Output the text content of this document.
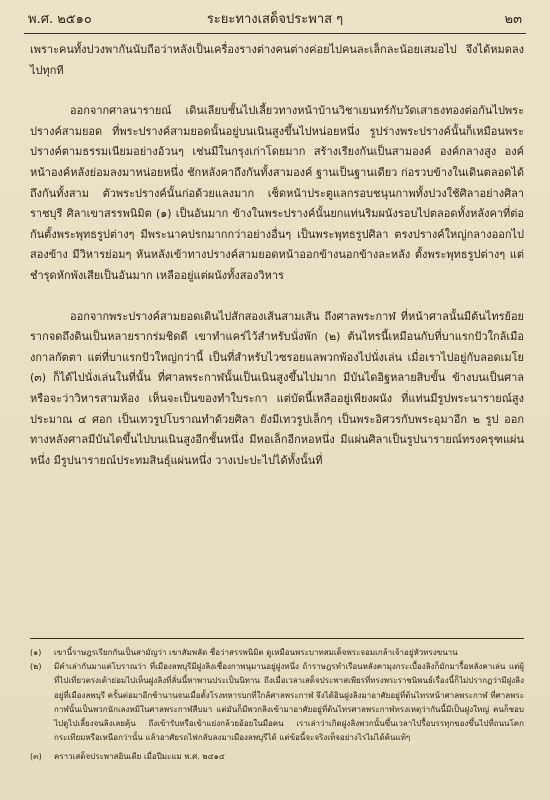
พ.ศ. ๒๕๑๐	ระยะทางเสด็จประพาส ๆ	๒๓

เพราะคนทั้งปวงพากันนับถือว่าหลังเป็นเครื่องรางต่างคนต่างค่อยไปคนละเล็กละน้อยเสมอไป จึงได้หมดลงไปทุกที

ออกจากศาลนารายณ์ เดินเลียบชั้นไปเลี้ยวทางหน้าบ้านวิชาเยนทร์กับวัดเสาธงทองต่อกันไปพระปรางค์สามยอด ที่พระปรางค์สามยอดนั้นอยู่บนเนินสูงขึ้นไปหน่อยหนึ่ง รูปร่างพระปรางค์นั้นก็เหมือนพระปรางค์ตามธรรมเนียมอย่างอ้วนๆ เช่นมีในกรุงเก่าโดยมาก สร้างเรียงกันเป็นสามองค์ องค์กลางสูง องค์หน้าองค์หลังย่อมลงมาหน่อยหนึ่ง ชักหลังคาถึงกันทั้งสามองค์ ฐานเป็นฐานเดียว ก่อรวบข้างในเดินตลอดได้ถึงกันทั้งสาม ตัวพระปรางค์นั้นก่อด้วยแลงมาก เช็ดหน้าประตูแลกรอบชนุนกาพทั้งปวงใช้ศิลาอย่างศิลาราชบุรี ศิลาเขาสรรพนิมิต (๑) เป็นอันมาก ข้างในพระปรางค์นั้นยกแท่นริมผนังรอบไปตลอดทั้งหลังคาที่ต่อกันตั้งพระพุทธรูปต่างๆ มีพระนาคปรกมากกว่าอย่างอื่นๆ เป็นพระพุทธรูปศิลา ตรงปรางค์ใหญ่กลางออกไปสองข้าง มีวิหารย่อมๆ หันหลังเข้าทางปรางค์สามยอดหน้าออกข้างนอกข้างละหลัง ตั้งพระพุทธรูปต่างๆ แต่ชำรุดหักพังเสียเป็นอันมาก เหลืออยู่แต่ผนังทั้งสองวิหาร

ออกจากพระปรางค์สามยอดเดินไปสักสองเส้นสามเส้น ถึงศาลพระกาฬ ที่หน้าศาลนั้นมีต้นไทรย้อยรากจดถึงดินเป็นหลายรากร่มชิดดี เขาทำแคร่ไว้สำหรับนั่งพัก (๒) ต้นไทรนี้เหมือนกับที่บาแรกปัวใกล้เมืองกาลกัตตา แต่ที่บาแรกปัวใหญ่กว่านี้ เป็นที่สำหรับไวซรอยแลพวกพ้องไปนั่งเล่น เมื่อเราไปอยู่กับลอดเมโย (๓) ก็ได้ไปนั่งเล่นในที่นั้น ที่ศาลพระกาฬนั้นเป็นเนินสูงขึ้นไปมาก มีบันไดอิฐหลายสิบขั้น ข้างบนเป็นศาลหรือจะว่าวิหารสามห้อง เห็นจะเป็นของทำใบระกา แต่บัดนี้เหลืออยู่เพียงผนัง ที่แท่นมีรูปพระนารายณ์สูงประมาณ ๔ ศอก เป็นเทวรูปโบราณทำด้วยศิลา ยังมีเทวรูปเล็กๆ เป็นพระอิศวรกับพระอุมาอีก ๒ รูป ออกทางหลังศาลมีบันไดขึ้นไปบนเนินสูงอีกชั้นหนึ่ง มีหอเล็กอีกหอหนึ่ง มีแผ่นศิลาเป็นรูปนารายณ์ทรงครุฑแผ่นหนึ่ง มีรูปนารายณ์ประทมสินธุ์แผ่นหนึ่ง วางเปะปะไปได้ทั้งนั้นที่

(๑)	เขานี้ราษฎรเรียกกันเป็นสามัญว่า เขาสัมพลัด ชื่อว่าสรรพนิมิต ดูเหมือนพระบาทสมเด็จพระจอมเกล้าเจ้าอยู่หัวทรงขนาน
(๒)	มีคำเล่ากันมาแต่โบราณว่า ที่เมืองลพบุรีมีฝูงลิงเชื่องกาพนุมานอยู่ฝูงหนึ่ง ถ้าราษฎรทำเรือนหลังคามุงกระเบื้องลิงก็มักมารื้อหลังคาเล่น แต่ผู้ที่ไปเที่ยวตรงเต้าย่อมไปเห็นฝูงลิงที่ลั่นนี้หาพานประเป็นนิทาน ถึงเมื่อเวลาเสด็จประพาสเพียรที่ทรงพระราชนิพนธ์เรื่องนี้ก็ไม่ปรากฏว่ามีฝูงลิงอยู่ที่เมืองลพบุรี ครั้นต่อมาอีกช้านานจนเมื่อตั้งโรงทหารบกที่ใกล้ศาลพระกาฬ จึงได้อินฝูงลิงมาอาศัยอยู่ที่ต้นไทรหน้าศาลพระกาฬ ที่ศาลพระกาฬนั้นเป็นพวกนักเลงหมีในศาลพระกาฬสืบมา แต่มันก็มีพวกลิงเข้ามาอาศัยอยู่ที่ต้นไทรศาลพระกาฬทรงเหตุว่ากันนี้มีเป็นฝูงใหญ่ คนก็ชอบไปดูไปเลี้ยงจนลิงเลยคุ้น ถึงเข้ารับหรือเข้าแย่งกล้วยอ้อยในมือคน เราเล่าว่าเกิดฝูงลิงพวกนั้นขึ้นเวลาไปรื้อบรรทุกของขึ้นไปที่ถนนโคกกระเทียมหรือเหนือกว่านั้น แล้วอาศัยรถไฟกลับลงมาเมืองลพบุรีได้ แต่ข้อนี้จะจริงเท็จอย่างไรไม่ได้ค้นแท้ๆ
(๓)	คราวเสด็จประพาสอินเดีย เมื่อปีมะแม พ.ศ. ๒๔๑๔
